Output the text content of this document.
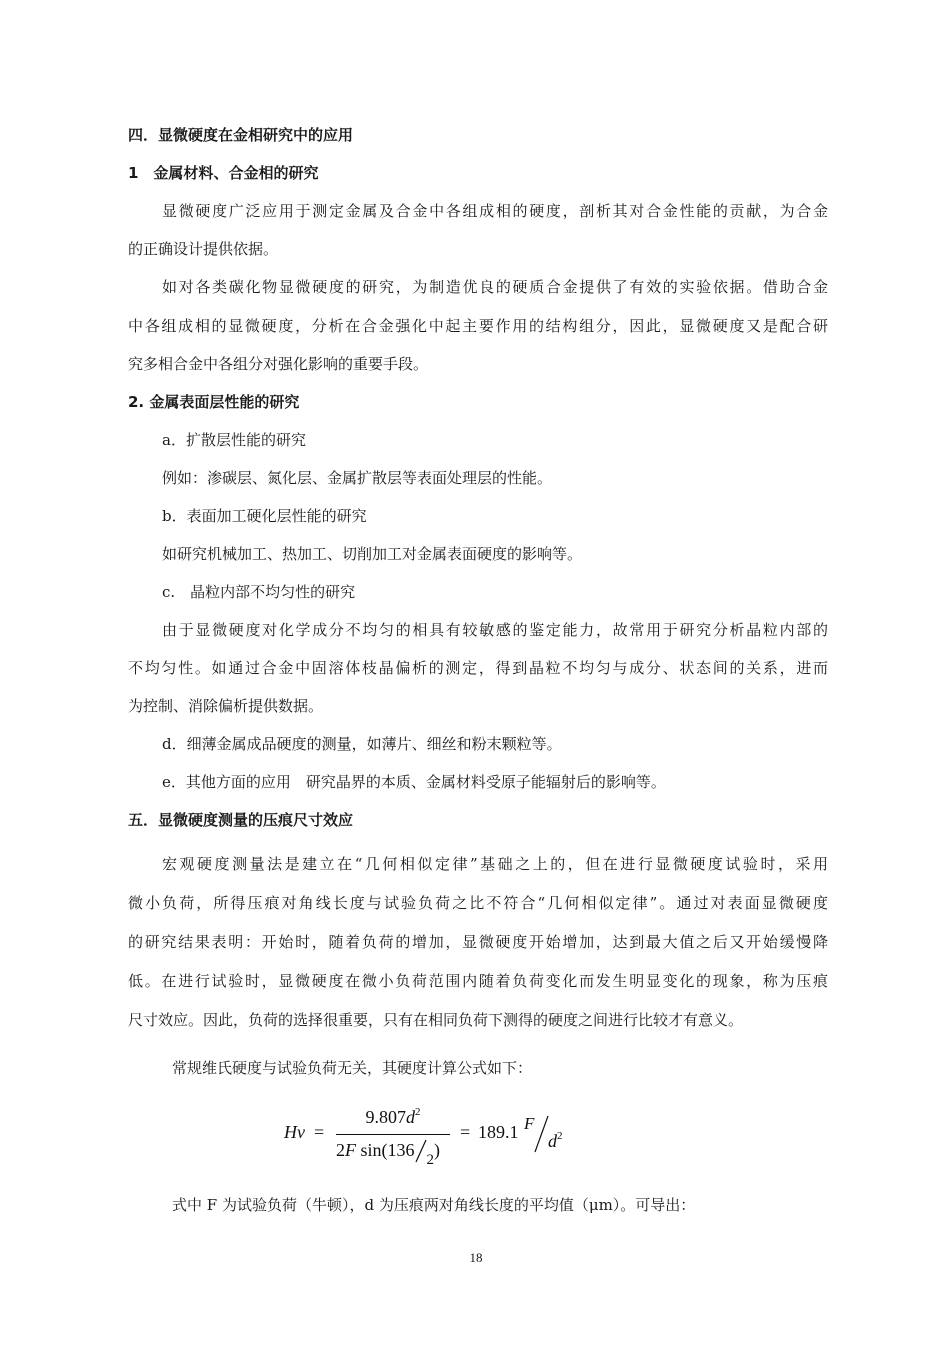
四．显微硬度在金相研究中的应用
1　金属材料、合金相的研究
显微硬度广泛应用于测定金属及合金中各组成相的硬度，剖析其对合金性能的贡献，为合金
的正确设计提供依据。
如对各类碳化物显微硬度的研究，为制造优良的硬质合金提供了有效的实验依据。借助合金
中各组成相的显微硬度，分析在合金强化中起主要作用的结构组分，因此，显微硬度又是配合研
究多相合金中各组分对强化影响的重要手段。
2. 金属表面层性能的研究
a．扩散层性能的研究
例如：渗碳层、氮化层、金属扩散层等表面处理层的性能。
b．表面加工硬化层性能的研究
如研究机械加工、热加工、切削加工对金属表面硬度的影响等。
c.　晶粒内部不均匀性的研究
由于显微硬度对化学成分不均匀的相具有较敏感的鉴定能力，故常用于研究分析晶粒内部的
不均匀性。如通过合金中固溶体枝晶偏析的测定，得到晶粒不均匀与成分、状态间的关系，进而
为控制、消除偏析提供数据。
d．细薄金属成品硬度的测量，如薄片、细丝和粉末颗粒等。
e．其他方面的应用　研究晶界的本质、金属材料受原子能辐射后的影响等。
五．显微硬度测量的压痕尺寸效应
宏观硬度测量法是建立在“几何相似定律”基础之上的，但在进行显微硬度试验时，采用
微小负荷，所得压痕对角线长度与试验负荷之比不符合“几何相似定律”。通过对表面显微硬度
的研究结果表明：开始时，随着负荷的增加，显微硬度开始增加，达到最大值之后又开始缓慢降
低。在进行试验时，显微硬度在微小负荷范围内随着负荷变化而发生明显变化的现象，称为压痕
尺寸效应。因此，负荷的选择很重要，只有在相同负荷下测得的硬度之间进行比较才有意义。
常规维氏硬度与试验负荷无关，其硬度计算公式如下：
Hv =
$9.807d^2$
2F sin(136 $_2$)
= 189.1 F
$d^2$
式中 F 为试验负荷（牛顿），d 为压痕两对角线长度的平均值（μm）。可导出：
18
